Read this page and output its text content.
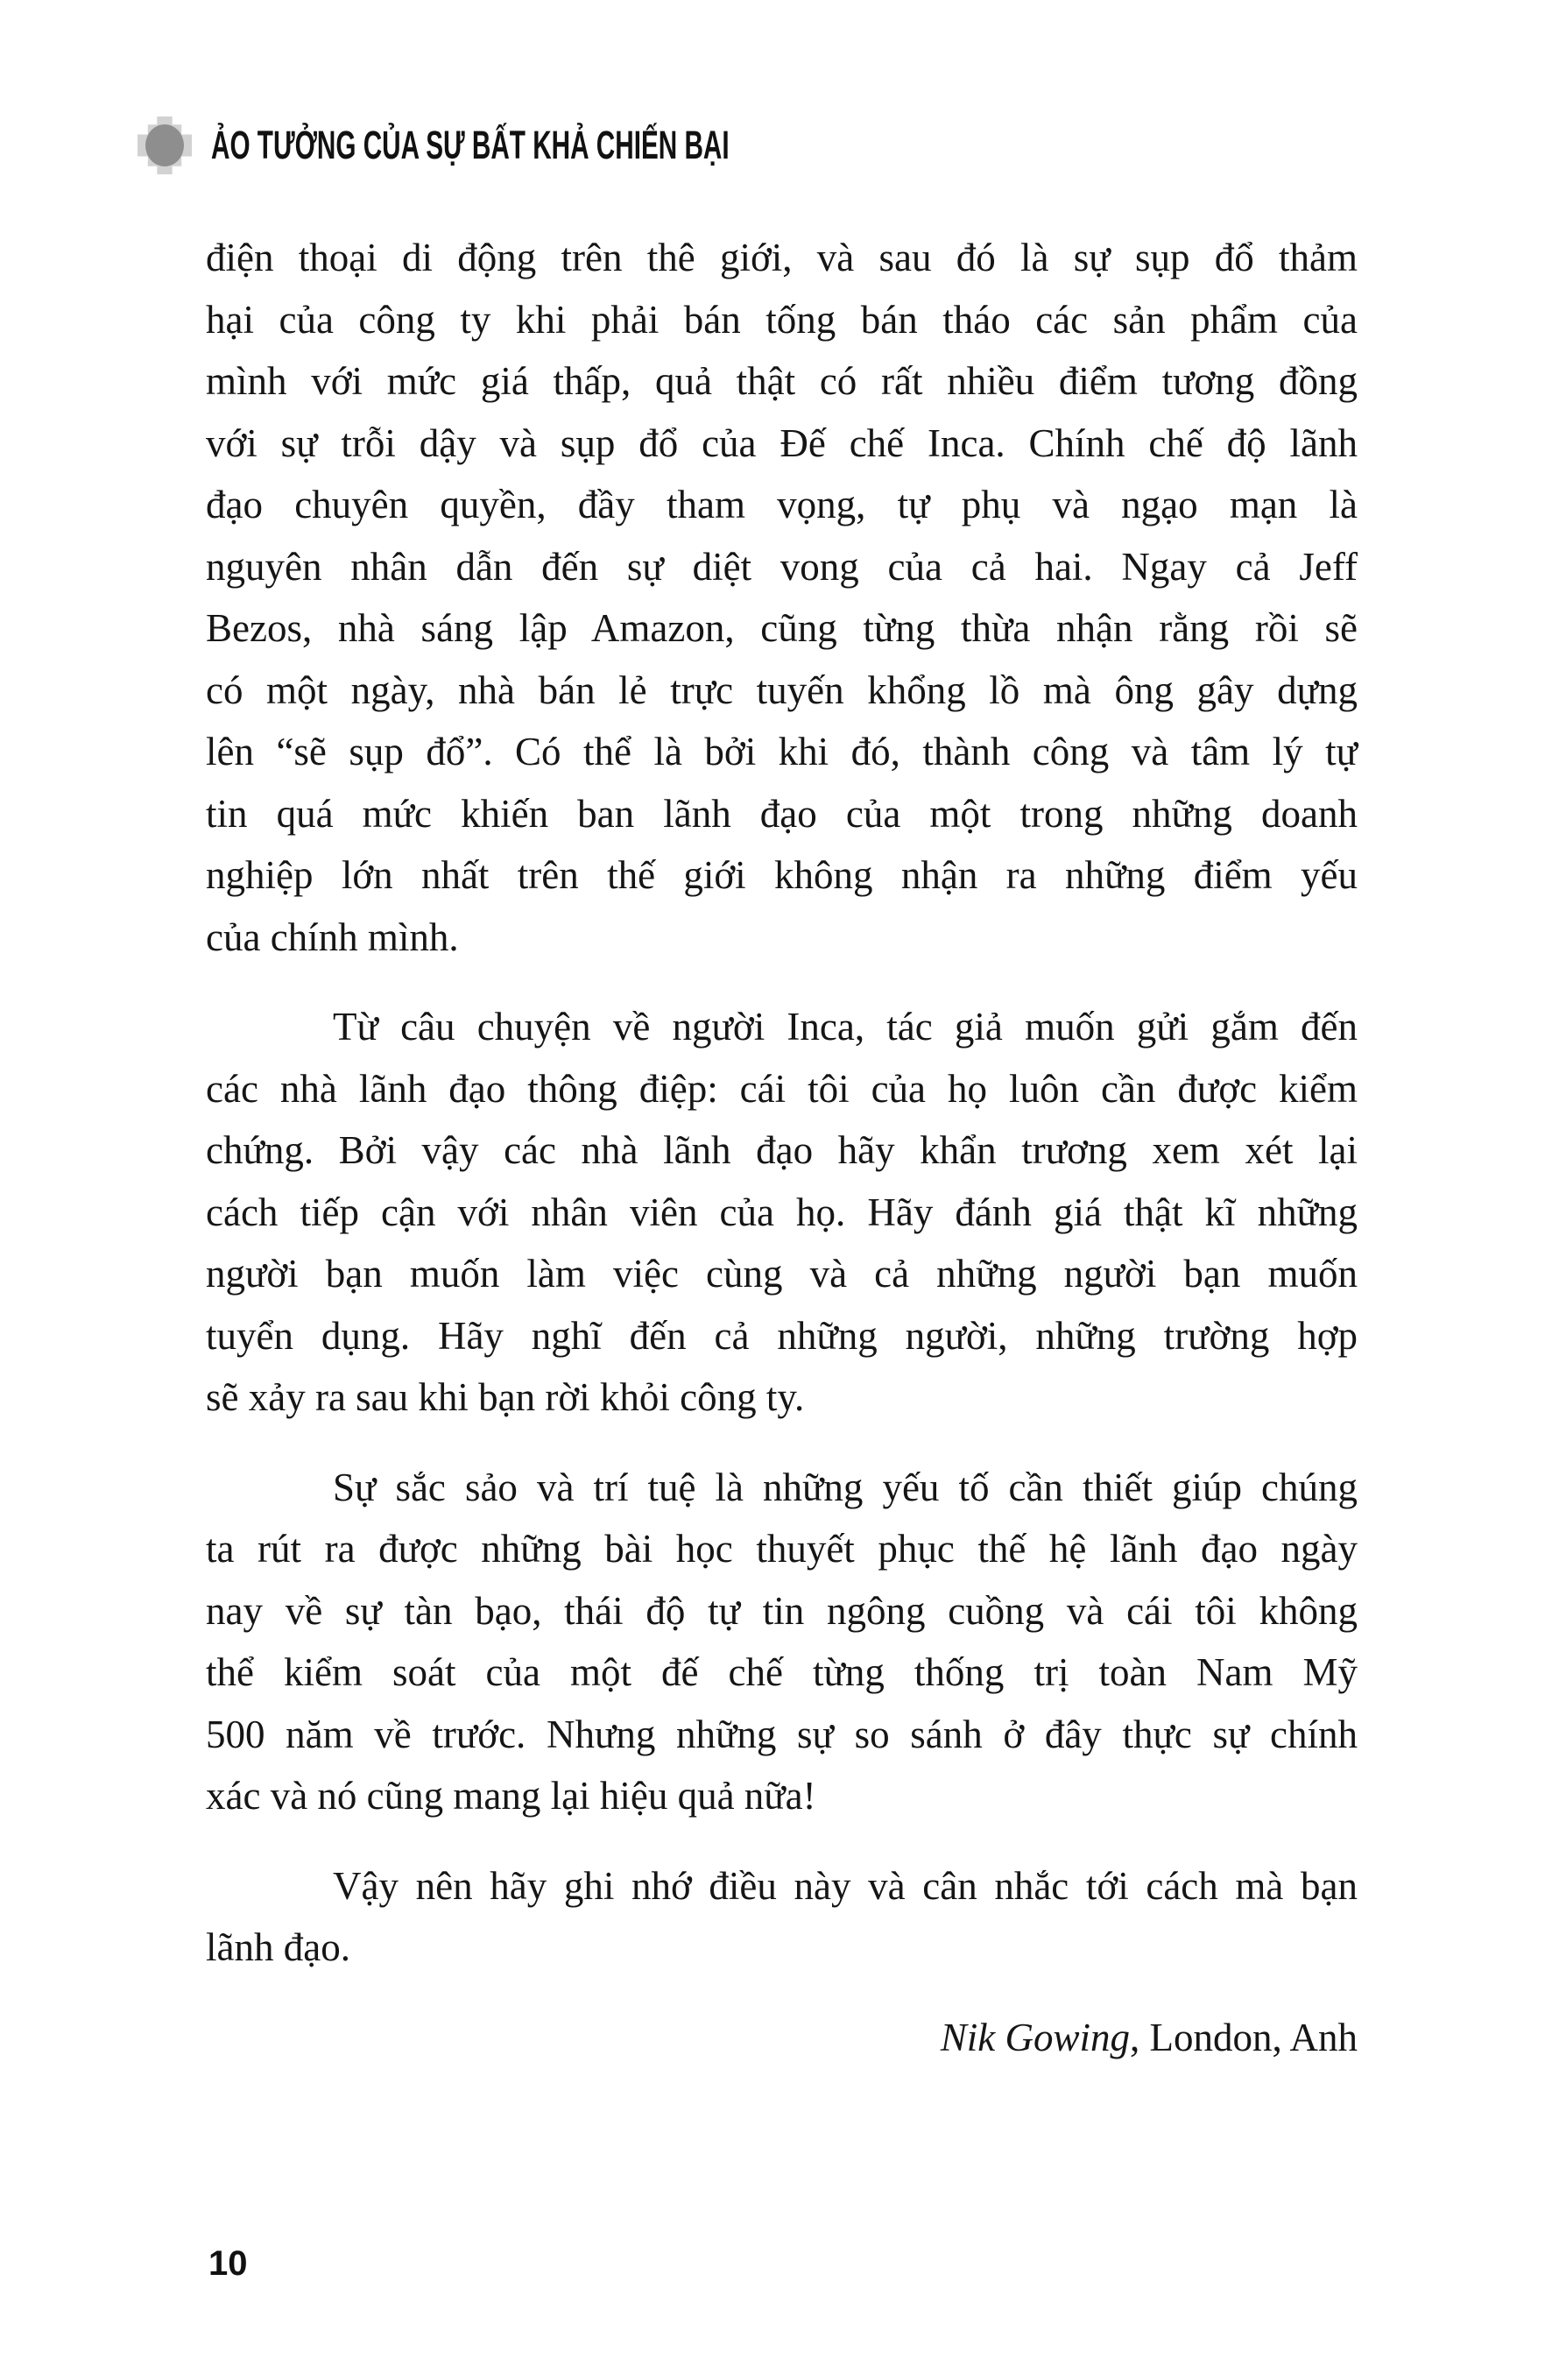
ẢO TƯỞNG CỦA SỰ BẤT KHẢ CHIẾN BẠI

điện thoại di động trên thê giới, và sau đó là sự sụp đổ thảm
hại của công ty khi phải bán tống bán tháo các sản phẩm của
mình với mức giá thấp, quả thật có rất nhiều điểm tương đồng
với sự trỗi dậy và sụp đổ của Đế chế Inca. Chính chế độ lãnh
đạo chuyên quyền, đầy tham vọng, tự phụ và ngạo mạn là
nguyên nhân dẫn đến sự diệt vong của cả hai. Ngay cả Jeff
Bezos, nhà sáng lập Amazon, cũng từng thừa nhận rằng rồi sẽ
có một ngày, nhà bán lẻ trực tuyến khổng lồ mà ông gây dựng
lên “sẽ sụp đổ”. Có thể là bởi khi đó, thành công và tâm lý tự
tin quá mức khiến ban lãnh đạo của một trong những doanh
nghiệp lớn nhất trên thế giới không nhận ra những điểm yếu
của chính mình.

Từ câu chuyện về người Inca, tác giả muốn gửi gắm đến
các nhà lãnh đạo thông điệp: cái tôi của họ luôn cần được kiểm
chứng. Bởi vậy các nhà lãnh đạo hãy khẩn trương xem xét lại
cách tiếp cận với nhân viên của họ. Hãy đánh giá thật kĩ những
người bạn muốn làm việc cùng và cả những người bạn muốn
tuyển dụng. Hãy nghĩ đến cả những người, những trường hợp
sẽ xảy ra sau khi bạn rời khỏi công ty.

Sự sắc sảo và trí tuệ là những yếu tố cần thiết giúp chúng
ta rút ra được những bài học thuyết phục thế hệ lãnh đạo ngày
nay về sự tàn bạo, thái độ tự tin ngông cuồng và cái tôi không
thể kiểm soát của một đế chế từng thống trị toàn Nam Mỹ
500 năm về trước. Nhưng những sự so sánh ở đây thực sự chính
xác và nó cũng mang lại hiệu quả nữa!

Vậy nên hãy ghi nhớ điều này và cân nhắc tới cách mà bạn
lãnh đạo.

Nik Gowing, London, Anh
10
